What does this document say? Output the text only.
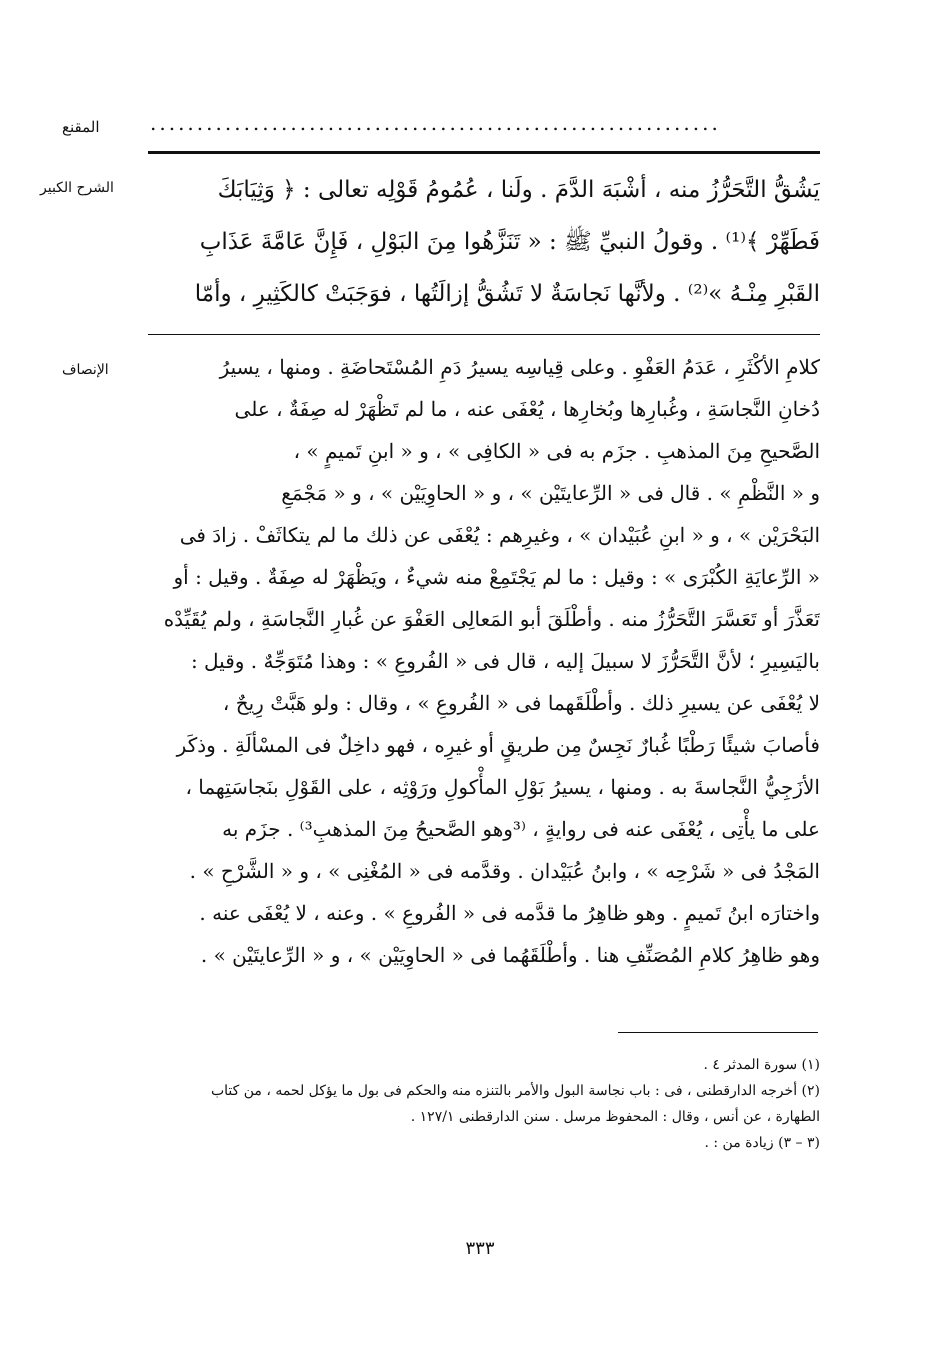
المقنع	.............................................................
الشرح الكبير	يَشُقُّ التَّحَرُّزُ منه ، أشْبَهَ الدَّمَ . ولَنا ، عُمُومُ قَوْلِه تعالى : ﴿ وَثِيَابَكَ
فَطَهِّرْ ﴾⁽¹⁾ . وقولُ النبيِّ ﷺ : « تَنَزَّهُوا مِنَ البَوْلِ ، فَإِنَّ عَامَّةَ عَذَابِ
القَبْرِ مِنْـهُ »⁽²⁾ . ولأنَّها نَجاسَةٌ لا تَشُقُّ إزالَتُها ، فوَجَبَتْ كالكَثِيرِ ، وأمّا
الإنصاف	كلامِ الأكْثَرِ ، عَدَمُ العَفْوِ . وعلى قِياسِه يسيرُ دَمِ المُسْتَحاضَةِ . ومنها ، يسيرُ
دُخانِ النَّجاسَةِ ، وغُبارِها وبُخارِها ، يُعْفَى عنه ، ما لم تَظْهَرْ له صِفَةٌ ، على
الصَّحيحِ مِنَ المذهبِ . جزَم به فى « الكافِى » ، و « ابنِ تَميمٍ » ،
و « النَّظْمِ » . قال فى « الرِّعايتَيْن » ، و « الحاوِيَيْن » ، و « مَجْمَعِ
البَحْرَيْن » ، و « ابنِ عُبَيْدان » ، وغيرِهم : يُعْفَى عن ذلك ما لم يتكاثَفْ . زادَ فى
« الرِّعايَةِ الكُبْرَى » : وقيل : ما لم يَجْتَمِعْ منه شيءٌ ، ويَظْهَرْ له صِفَةٌ . وقيل : أو
تَعَذَّرَ أو تَعَسَّرَ التَّحَرُّزُ منه . وأطْلَقَ أبو المَعالِى العَفْوَ عن غُبارِ النَّجاسَةِ ، ولم يُقَيِّدْه
باليَسِيرِ ؛ لأنَّ التَّحَرُّزَ لا سبيلَ إليه ، قال فى « الفُروعِ » : وهذا مُتَوَجِّهٌ . وقيل :
لا يُعْفَى عن يسيرِ ذلك . وأطْلَقَهما فى « الفُروعِ » ، وقال : ولو هَبَّتْ رِيحٌ ،
فأصابَ شيئًا رَطْبًا غُبارٌ نَجِسٌ مِن طريقٍ أو غيرِه ، فهو داخِلٌ فى المسْألَةِ . وذكَر
الأزَجِيُّ النَّجاسةَ به . ومنها ، يسيرُ بَوْلِ المأْكولِ ورَوْثِه ، على القَوْلِ بنَجاسَتِهما ،
على ما يأْتِى ، يُعْفَى عنه فى روايةٍ ، ⁽³وهو الصَّحيحُ مِنَ المذهبِ³⁾ . جزَم به
المَجْدُ فى « شَرْحِه » ، وابنُ عُبَيْدان . وقدَّمه فى « المُغْنِى » ، و « الشَّرْحِ » .
واختارَه ابنُ تَميمٍ . وهو ظاهِرُ ما قدَّمه فى « الفُروعِ » . وعنه ، لا يُعْفَى عنه .
وهو ظاهِرُ كلامِ المُصَنِّفِ هنا . وأطْلَقَهُما فى « الحاوِيَيْن » ، و « الرِّعايتَيْن » .
(١) سورة المدثر ٤ .
(٢) أخرجه الدارقطنى ، فى : باب نجاسة البول والأمر بالتنزه منه والحكم فى بول ما يؤكل لحمه ، من كتاب
الطهارة ، عن أنس ، وقال : المحفوظ مرسل . سنن الدارقطنى ١٢٧/١ .
(٣ – ٣) زيادة من : .
٣٣٣
